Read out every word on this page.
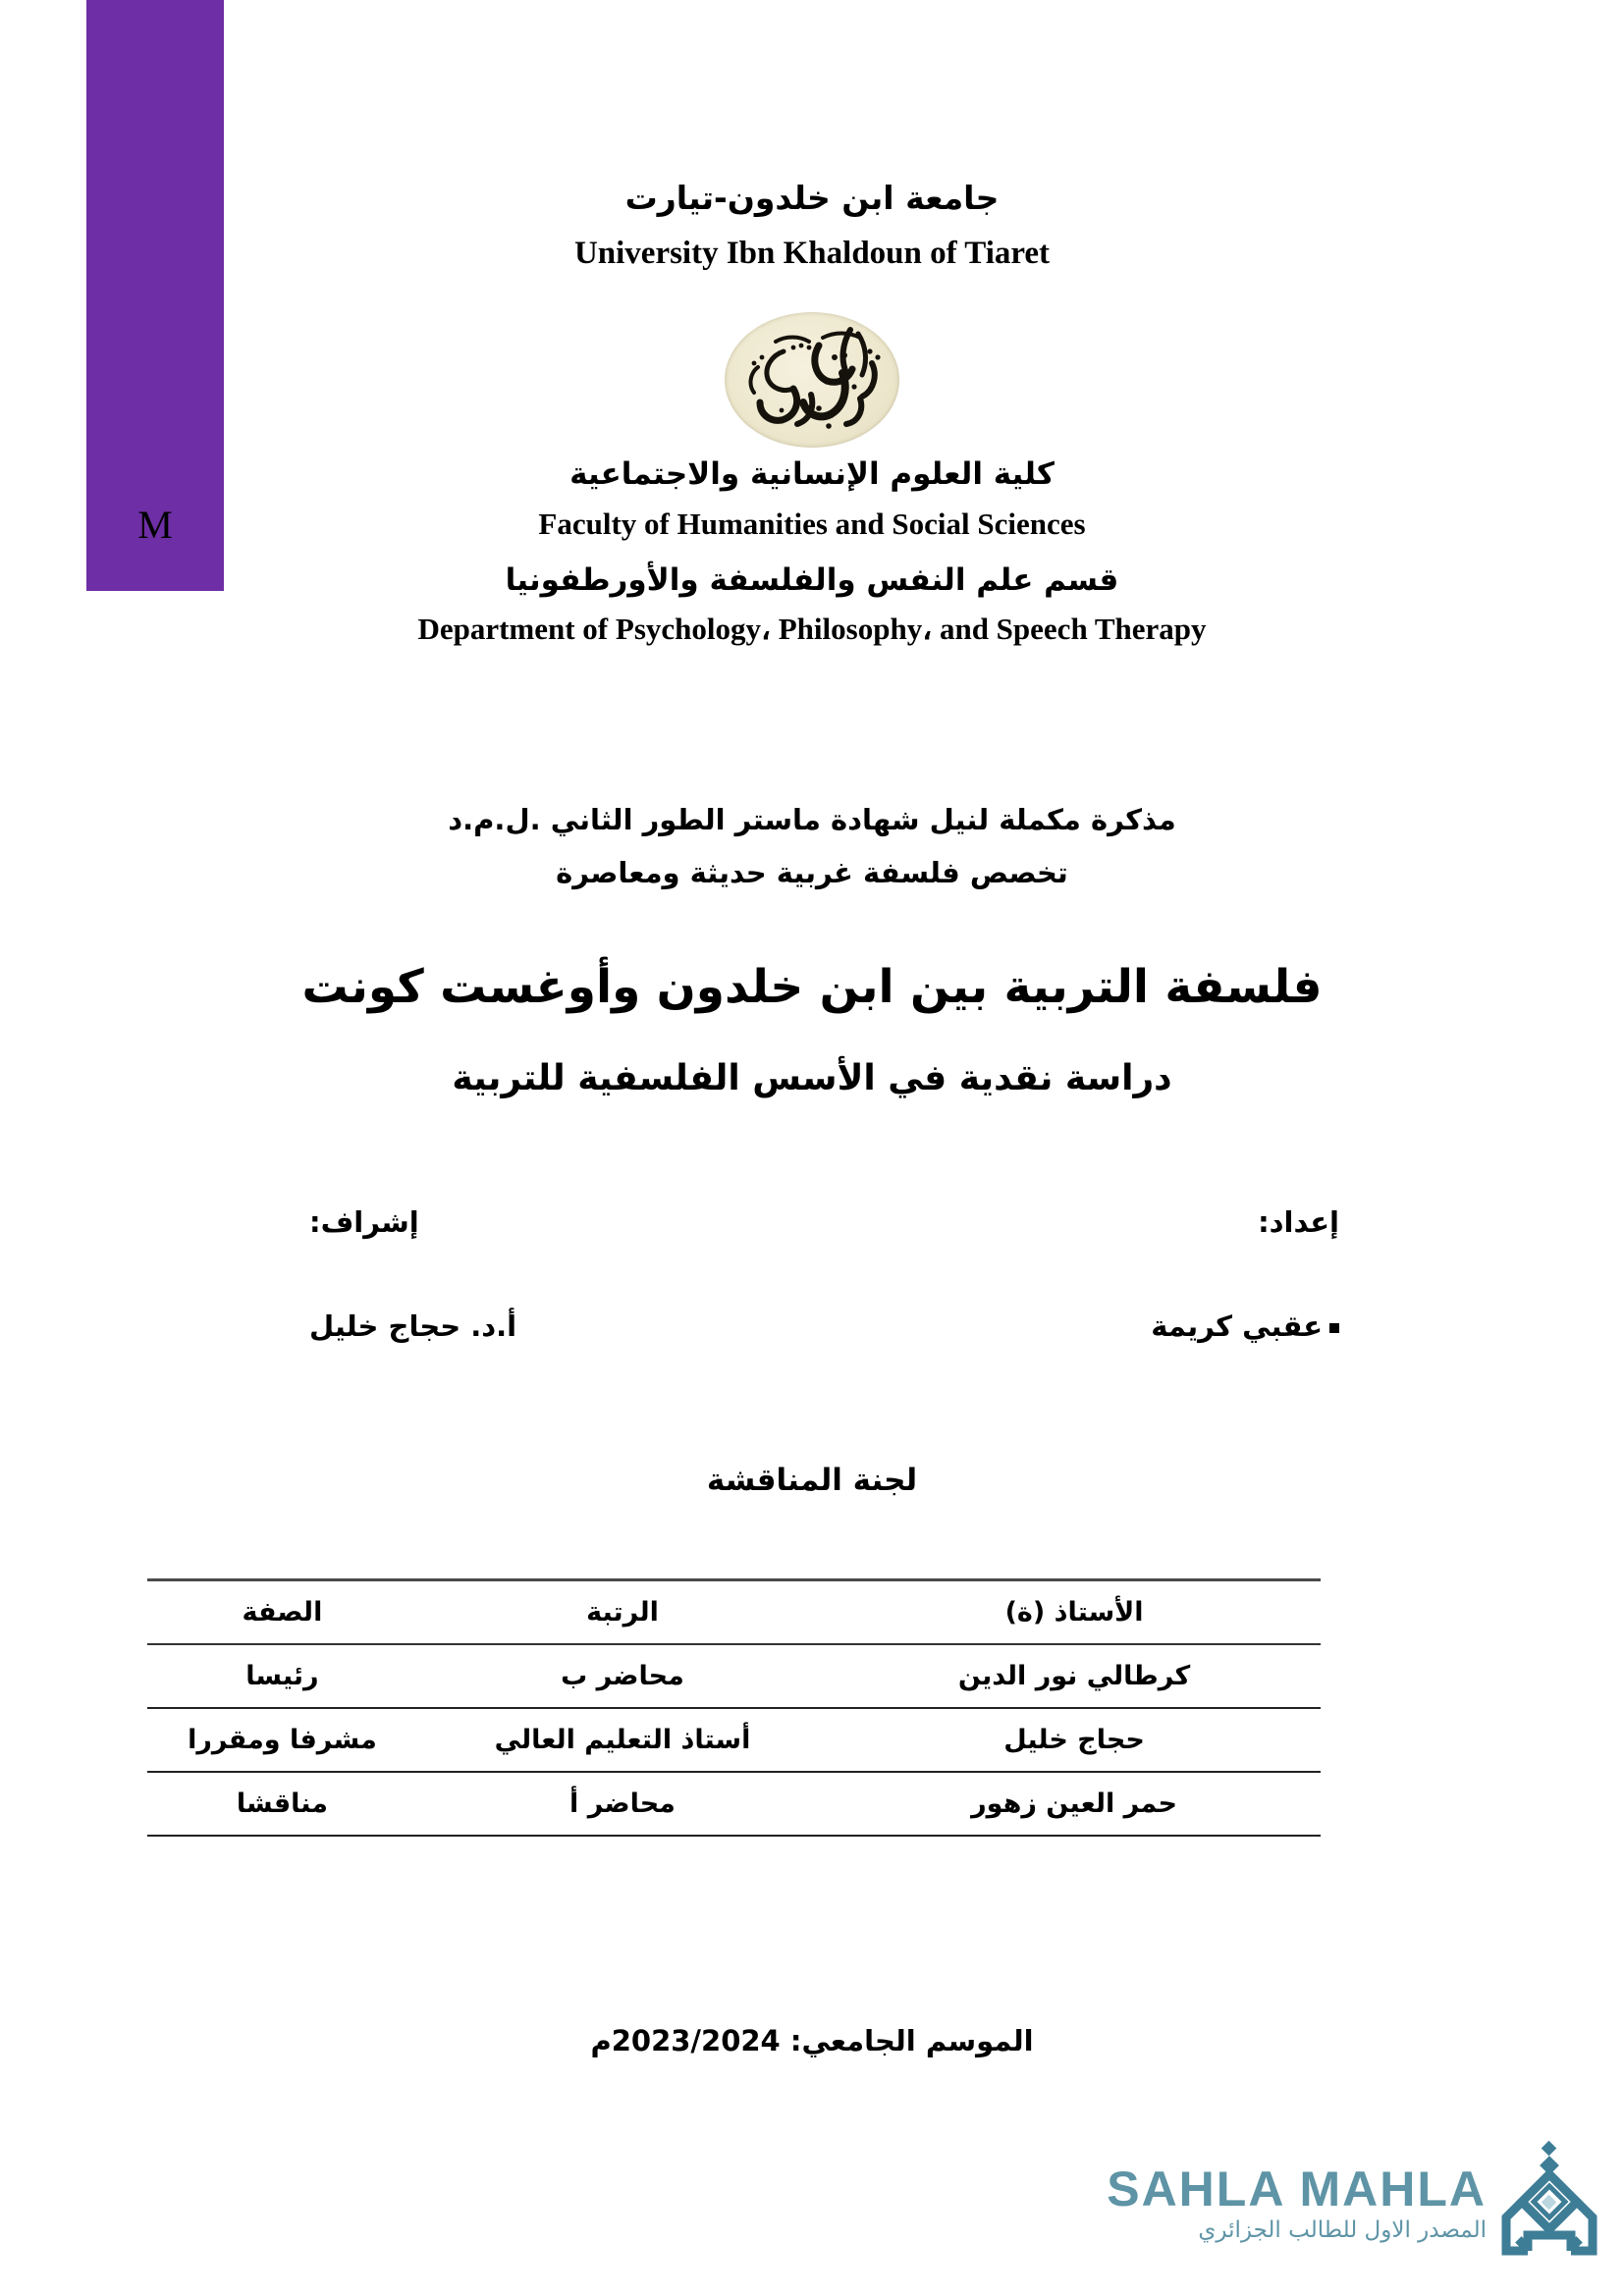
M
جامعة ابن خلدون-تيارت
University Ibn Khaldoun of Tiaret
كلية العلوم الإنسانية والاجتماعية
Faculty of Humanities and Social Sciences
قسم علم النفس والفلسفة والأورطفونيا
Department of Psychology، Philosophy، and Speech Therapy
مذكرة مكملة لنيل شهادة ماستر الطور الثاني .ل.م.د
تخصص فلسفة غربية حديثة ومعاصرة
فلسفة التربية بين ابن خلدون وأوغست كونت
دراسة نقدية في الأسس الفلسفية للتربية
إعداد:
إشراف:
عقبي كريمة
أ.د. حجاج خليل
لجنة المناقشة
الأستاذ (ة)	الرتبة	الصفة
كرطالي نور الدين	محاضر ب	رئيسا
حجاج خليل	أستاذ التعليم العالي	مشرفا ومقررا
حمر العين زهور	محاضر أ	مناقشا
الموسم الجامعي: 2023/2024م
SAHLA MAHLA
المصدر الاول للطالب الجزائري
